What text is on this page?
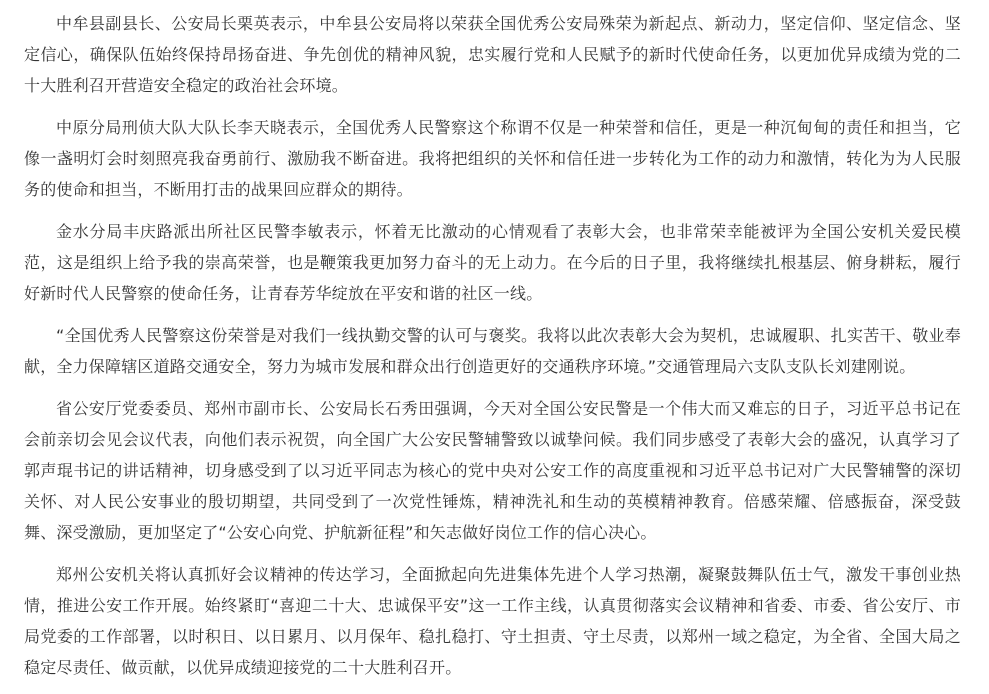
中牟县副县长、公安局长栗英表示，中牟县公安局将以荣获全国优秀公安局殊荣为新起点、新动力，坚定信仰、坚定信念、坚定信心，确保队伍始终保持昂扬奋进、争先创优的精神风貌，忠实履行党和人民赋予的新时代使命任务，以更加优异成绩为党的二十大胜利召开营造安全稳定的政治社会环境。

中原分局刑侦大队大队长李天晓表示，全国优秀人民警察这个称谓不仅是一种荣誉和信任，更是一种沉甸甸的责任和担当，它像一盏明灯会时刻照亮我奋勇前行、激励我不断奋进。我将把组织的关怀和信任进一步转化为工作的动力和激情，转化为为人民服务的使命和担当，不断用打击的战果回应群众的期待。

金水分局丰庆路派出所社区民警李敏表示，怀着无比激动的心情观看了表彰大会，也非常荣幸能被评为全国公安机关爱民模范，这是组织上给予我的崇高荣誉，也是鞭策我更加努力奋斗的无上动力。在今后的日子里，我将继续扎根基层、俯身耕耘，履行好新时代人民警察的使命任务，让青春芳华绽放在平安和谐的社区一线。

“全国优秀人民警察这份荣誉是对我们一线执勤交警的认可与褒奖。我将以此次表彰大会为契机，忠诚履职、扎实苦干、敬业奉献，全力保障辖区道路交通安全，努力为城市发展和群众出行创造更好的交通秩序环境。”交通管理局六支队支队长刘建刚说。

省公安厅党委委员、郑州市副市长、公安局长石秀田强调，今天对全国公安民警是一个伟大而又难忘的日子，习近平总书记在会前亲切会见会议代表，向他们表示祝贺，向全国广大公安民警辅警致以诚挚问候。我们同步感受了表彰大会的盛况，认真学习了郭声琨书记的讲话精神，切身感受到了以习近平同志为核心的党中央对公安工作的高度重视和习近平总书记对广大民警辅警的深切关怀、对人民公安事业的殷切期望，共同受到了一次党性锤炼，精神洗礼和生动的英模精神教育。倍感荣耀、倍感振奋，深受鼓舞、深受激励，更加坚定了“公安心向党、护航新征程”和矢志做好岗位工作的信心决心。

郑州公安机关将认真抓好会议精神的传达学习，全面掀起向先进集体先进个人学习热潮，凝聚鼓舞队伍士气，激发干事创业热情，推进公安工作开展。始终紧盯“喜迎二十大、忠诚保平安”这一工作主线，认真贯彻落实会议精神和省委、市委、省公安厅、市局党委的工作部署，以时积日、以日累月、以月保年、稳扎稳打、守土担责、守土尽责，以郑州一域之稳定，为全省、全国大局之稳定尽责任、做贡献，以优异成绩迎接党的二十大胜利召开。
